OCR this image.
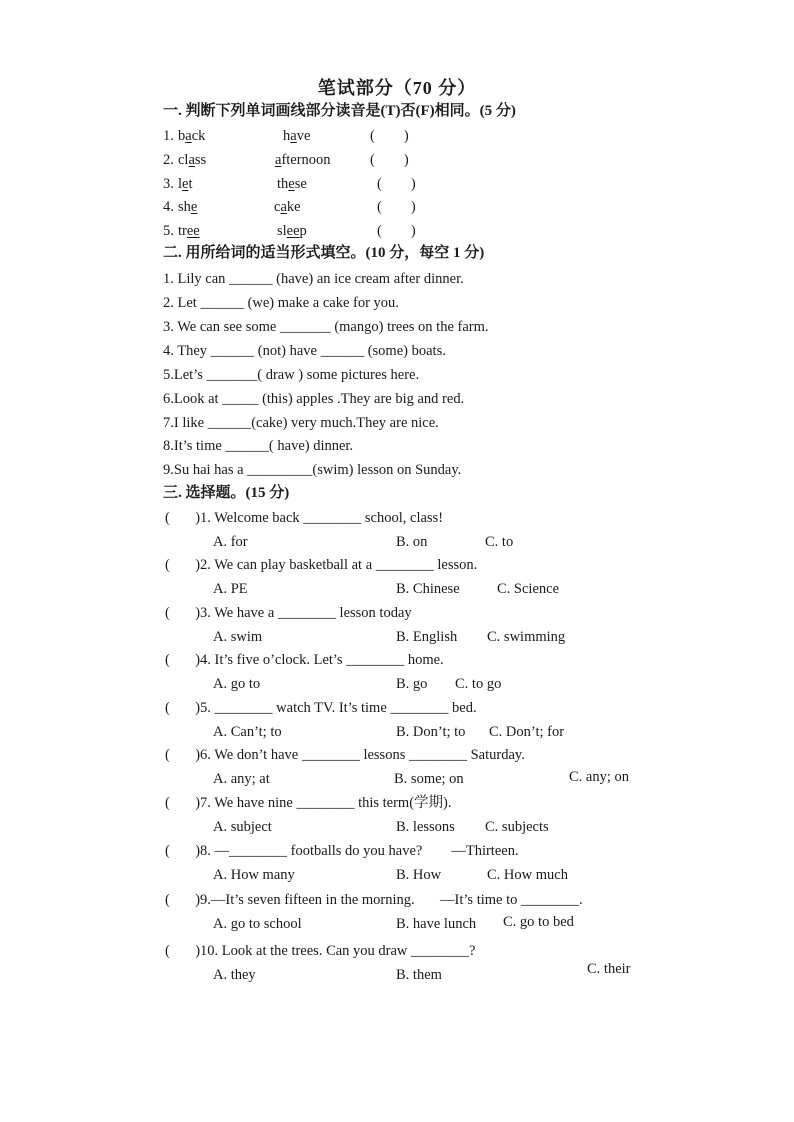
笔试部分（70 分）
一. 判断下列单词画线部分读音是(T)否(F)相同。(5 分)
1. back	have	(        )
2. class	afternoon	(        )
3. let	these	(        )
4. she	cake	(        )
5. tree	sleep	(        )
二. 用所给词的适当形式填空。(10 分，每空 1 分)
1. Lily can ______ (have) an ice cream after dinner.
2. Let ______ (we) make a cake for you.
3. We can see some _______ (mango) trees on the farm.
4. They ______ (not) have ______ (some) boats.
5.Let’s _______( draw ) some pictures here.
6.Look at _____ (this) apples .They are big and red.
7.I like ______(cake) very much.They are nice.
8.It’s time ______( have) dinner.
9.Su hai has a _________(swim) lesson on Sunday.
三. 选择题。(15 分)
(       )1. Welcome back ________ school, class!
A. for	B. on	C. to
(       )2. We can play basketball at a ________ lesson.
A. PE	B. Chinese	C. Science
(       )3. We have a ________ lesson today
A. swim	B. English C. swimming
(       )4. It’s five o’clock. Let’s ________ home.
A. go to	B. go C. to go
(       )5. ________ watch TV. It’s time ________ bed.
A. Can’t; to	B. Don’t; to C. Don’t; for
(       )6. We don’t have ________ lessons ________ Saturday.
A. any; at	B. some; on	C. any; on
(       )7. We have nine ________ this term(学期).
A. subject	B. lessons C. subjects
(       )8. —________ footballs do you have?        —Thirteen.
A. How many	B. How	C. How much
(       )9.—It’s seven fifteen in the morning.       —It’s time to ________.
A. go to school	B. have lunch C. go to bed
(       )10. Look at the trees. Can you draw ________?
A. they	B. them	C. their
